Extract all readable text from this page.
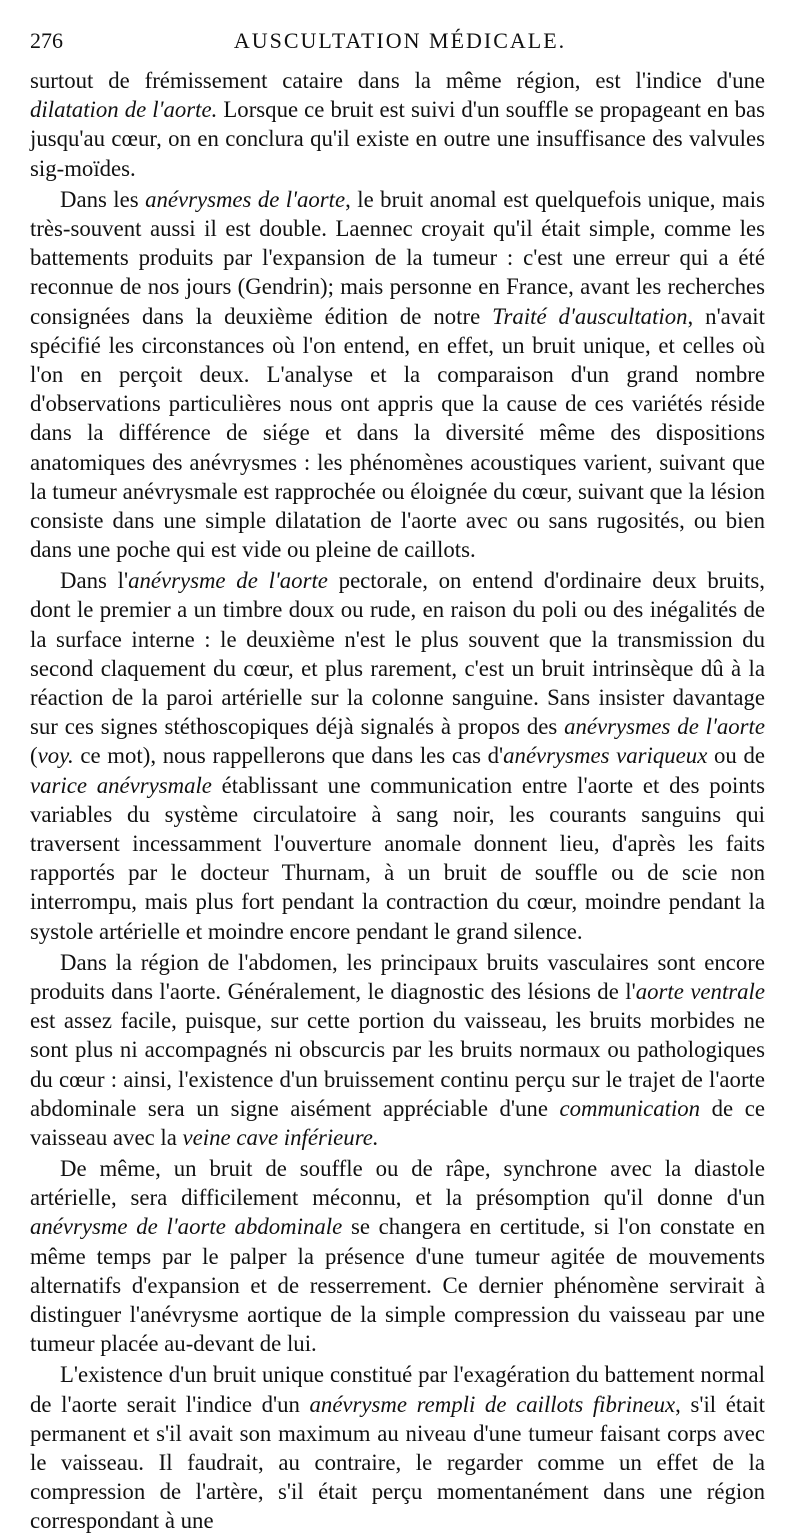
276	AUSCULTATION MÉDICALE.

surtout de frémissement cataire dans la même région, est l'indice d'une dilatation de l'aorte. Lorsque ce bruit est suivi d'un souffle se propageant en bas jusqu'au cœur, on en conclura qu'il existe en outre une insuffisance des valvules sig-moïdes.

Dans les anévrysmes de l'aorte, le bruit anomal est quelquefois unique, mais très-souvent aussi il est double. Laennec croyait qu'il était simple, comme les battements produits par l'expansion de la tumeur : c'est une erreur qui a été reconnue de nos jours (Gendrin); mais personne en France, avant les recherches consignées dans la deuxième édition de notre Traité d'auscultation, n'avait spécifié les circonstances où l'on entend, en effet, un bruit unique, et celles où l'on en perçoit deux. L'analyse et la comparaison d'un grand nombre d'observations particulières nous ont appris que la cause de ces variétés réside dans la différence de siége et dans la diversité même des dispositions anatomiques des anévrysmes : les phénomènes acoustiques varient, suivant que la tumeur anévrysmale est rapprochée ou éloignée du cœur, suivant que la lésion consiste dans une simple dilatation de l'aorte avec ou sans rugosités, ou bien dans une poche qui est vide ou pleine de caillots.

Dans l'anévrysme de l'aorte pectorale, on entend d'ordinaire deux bruits, dont le premier a un timbre doux ou rude, en raison du poli ou des inégalités de la surface interne : le deuxième n'est le plus souvent que la transmission du second claquement du cœur, et plus rarement, c'est un bruit intrinsèque dû à la réaction de la paroi artérielle sur la colonne sanguine. Sans insister davantage sur ces signes stéthoscopiques déjà signalés à propos des anévrysmes de l'aorte (voy. ce mot), nous rappellerons que dans les cas d'anévrysmes variqueux ou de varice anévrysmale établissant une communication entre l'aorte et des points variables du système circulatoire à sang noir, les courants sanguins qui traversent incessamment l'ouverture anomale donnent lieu, d'après les faits rapportés par le docteur Thurnam, à un bruit de souffle ou de scie non interrompu, mais plus fort pendant la contraction du cœur, moindre pendant la systole artérielle et moindre encore pendant le grand silence.

Dans la région de l'abdomen, les principaux bruits vasculaires sont encore produits dans l'aorte. Généralement, le diagnostic des lésions de l'aorte ventrale est assez facile, puisque, sur cette portion du vaisseau, les bruits morbides ne sont plus ni accompagnés ni obscurcis par les bruits normaux ou pathologiques du cœur : ainsi, l'existence d'un bruissement continu perçu sur le trajet de l'aorte abdominale sera un signe aisément appréciable d'une communication de ce vaisseau avec la veine cave inférieure.

De même, un bruit de souffle ou de râpe, synchrone avec la diastole artérielle, sera difficilement méconnu, et la présomption qu'il donne d'un anévrysme de l'aorte abdominale se changera en certitude, si l'on constate en même temps par le palper la présence d'une tumeur agitée de mouvements alternatifs d'expansion et de resserrement. Ce dernier phénomène servirait à distinguer l'anévrysme aortique de la simple compression du vaisseau par une tumeur placée au-devant de lui.

L'existence d'un bruit unique constitué par l'exagération du battement normal de l'aorte serait l'indice d'un anévrysme rempli de caillots fibrineux, s'il était permanent et s'il avait son maximum au niveau d'une tumeur faisant corps avec le vaisseau. Il faudrait, au contraire, le regarder comme un effet de la compression de l'artère, s'il était perçu momentanément dans une région correspondant à une
